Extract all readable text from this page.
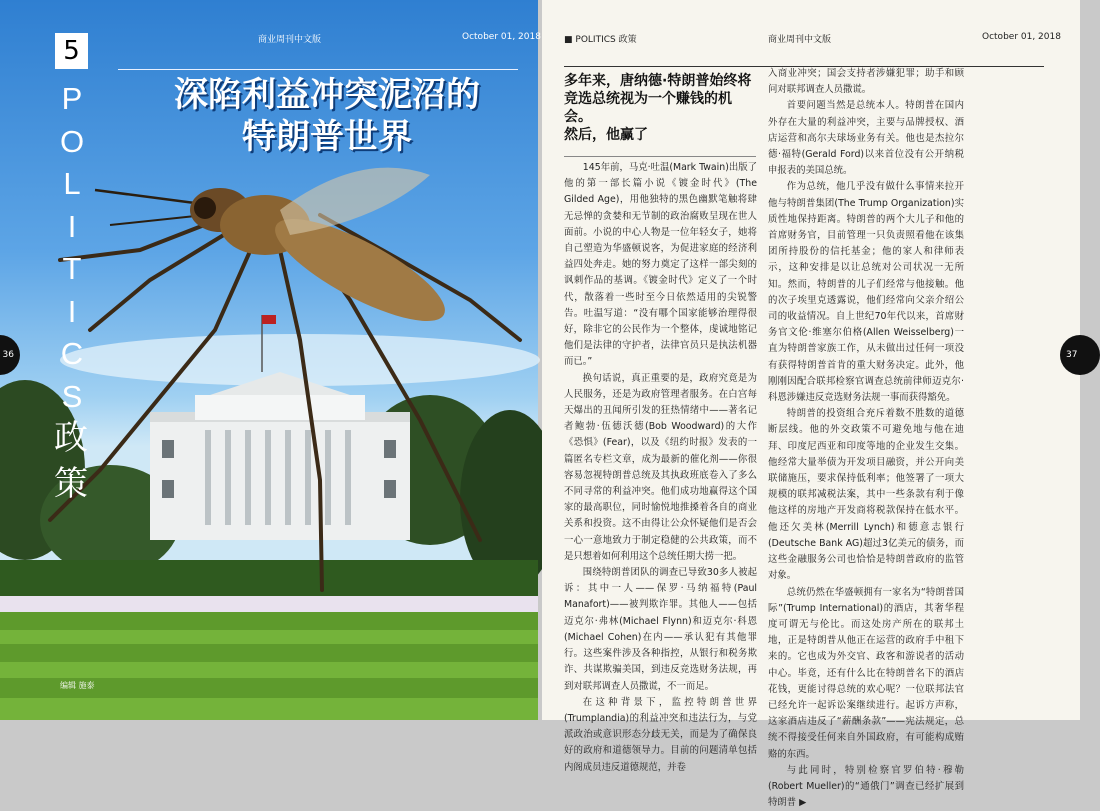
商业周刊中文版	October 01, 2018
5
P
O
L
I
T
I
C
S
政
策
深陷利益冲突泥沼的
特朗普世界
36
编辑 施泰
■ POLITICS 政策	商业周刊中文版	October 01, 2018
多年来，唐纳德·特朗普始终将
竞选总统视为一个赚钱的机会。
然后，他赢了

145年前，马克·吐温(Mark Twain)出版了他的第一部长篇小说《镀金时代》(The Gilded Age)，用他独特的黑色幽默笔触将肆无忌惮的贪婪和无节制的政治腐败呈现在世人面前。小说的中心人物是一位年轻女子，她将自己塑造为华盛顿说客，为促进家庭的经济利益四处奔走。她的努力奠定了这样一部尖刻的讽刺作品的基调。《镀金时代》定义了一个时代，散落着一些时至今日依然适用的尖锐警告。吐温写道：“没有哪个国家能够治理得很好，除非它的公民作为一个整体，虔诚地铭记他们是法律的守护者，法律官员只是执法机器而已。”

换句话说，真正重要的是，政府究竟是为人民服务，还是为政府管理者服务。在白宫每天爆出的丑闻所引发的狂热情绪中——著名记者鲍勃·伍德沃德(Bob Woodward)的大作《恐惧》(Fear)，以及《纽约时报》发表的一篇匿名专栏文章，成为最新的催化剂——你很容易忽视特朗普总统及其执政班底卷入了多么不同寻常的利益冲突。他们成功地赢得这个国家的最高职位，同时愉悦地推搡着各自的商业关系和投资。这不由得让公众怀疑他们是否会一心一意地致力于制定稳健的公共政策，而不是只想着如何利用这个总统任期大捞一把。

围绕特朗普团队的调查已导致30多人被起诉：其中一人——保罗·马纳福特(Paul Manafort)——被判欺诈罪。其他人——包括迈克尔·弗林(Michael Flynn)和迈克尔·科恩(Michael Cohen)在内——承认犯有其他罪行。这些案件涉及各种指控，从银行和税务欺诈、共谋欺骗美国，到违反竞选财务法规，再到对联邦调查人员撒谎，不一而足。

在这种背景下，监控特朗普世界(Trumplandia)的利益冲突和违法行为，与党派政治或意识形态分歧无关，而是为了确保良好的政府和道德领导力。目前的问题清单包括内阁成员违反道德规范，并卷

入商业冲突；国会支持者涉嫌犯罪；助手和顾问对联邦调查人员撒谎。

首要问题当然是总统本人。特朗普在国内外存在大量的利益冲突，主要与品牌授权、酒店运营和高尔夫球场业务有关。他也是杰拉尔德·福特(Gerald Ford)以来首位没有公开纳税申报表的美国总统。

作为总统，他几乎没有做什么事情来拉开他与特朗普集团(The Trump Organization)实质性地保持距离。特朗普的两个大儿子和他的首席财务官，目前管理一只负责照看他在该集团所持股份的信托基金；他的家人和律师表示，这种安排是以让总统对公司状况一无所知。然而，特朗普的儿子们经常与他接触。他的次子埃里克透露说，他们经常向父亲介绍公司的收益情况。自上世纪70年代以来，首席财务官文伦·维塞尔伯格(Allen Weisselberg)一直为特朗普家族工作，从未做出过任何一项没有获得特朗普首肯的重大财务决定。此外，他刚刚因配合联邦检察官调查总统前律师迈克尔·科恩涉嫌违反竞选财务法规一事而获得豁免。

特朗普的投资组合充斥着数不胜数的道德断层线。他的外交政策不可避免地与他在迪拜、印度尼西亚和印度等地的企业发生交集。他经常大量举债为开发项目融资，并公开向美联储施压，要求保持低利率；他签署了一项大规模的联邦减税法案，其中一些条款有利于像他这样的房地产开发商将税款保持在低水平。他还欠美林(Merrill Lynch)和德意志银行(Deutsche Bank AG)超过3亿美元的债务，而这些金融服务公司也恰恰是特朗普政府的监管对象。

总统仍然在华盛顿拥有一家名为“特朗普国际”(Trump International)的酒店，其奢华程度可谓无与伦比。而这处房产所在的联邦土地，正是特朗普从他正在运营的政府手中租下来的。它也成为外交官、政客和游说者的活动中心。毕竟，还有什么比在特朗普名下的酒店花钱，更能讨得总统的欢心呢？一位联邦法官已经允许一起诉讼案继续进行。起诉方声称，这家酒店违反了“薪酬条款”——宪法规定，总统不得接受任何来自外国政府，有可能构成贿赂的东西。

与此同时，特别检察官罗伯特·穆勒(Robert Mueller)的“通俄门”调查已经扩展到特朗普 ▶

37
